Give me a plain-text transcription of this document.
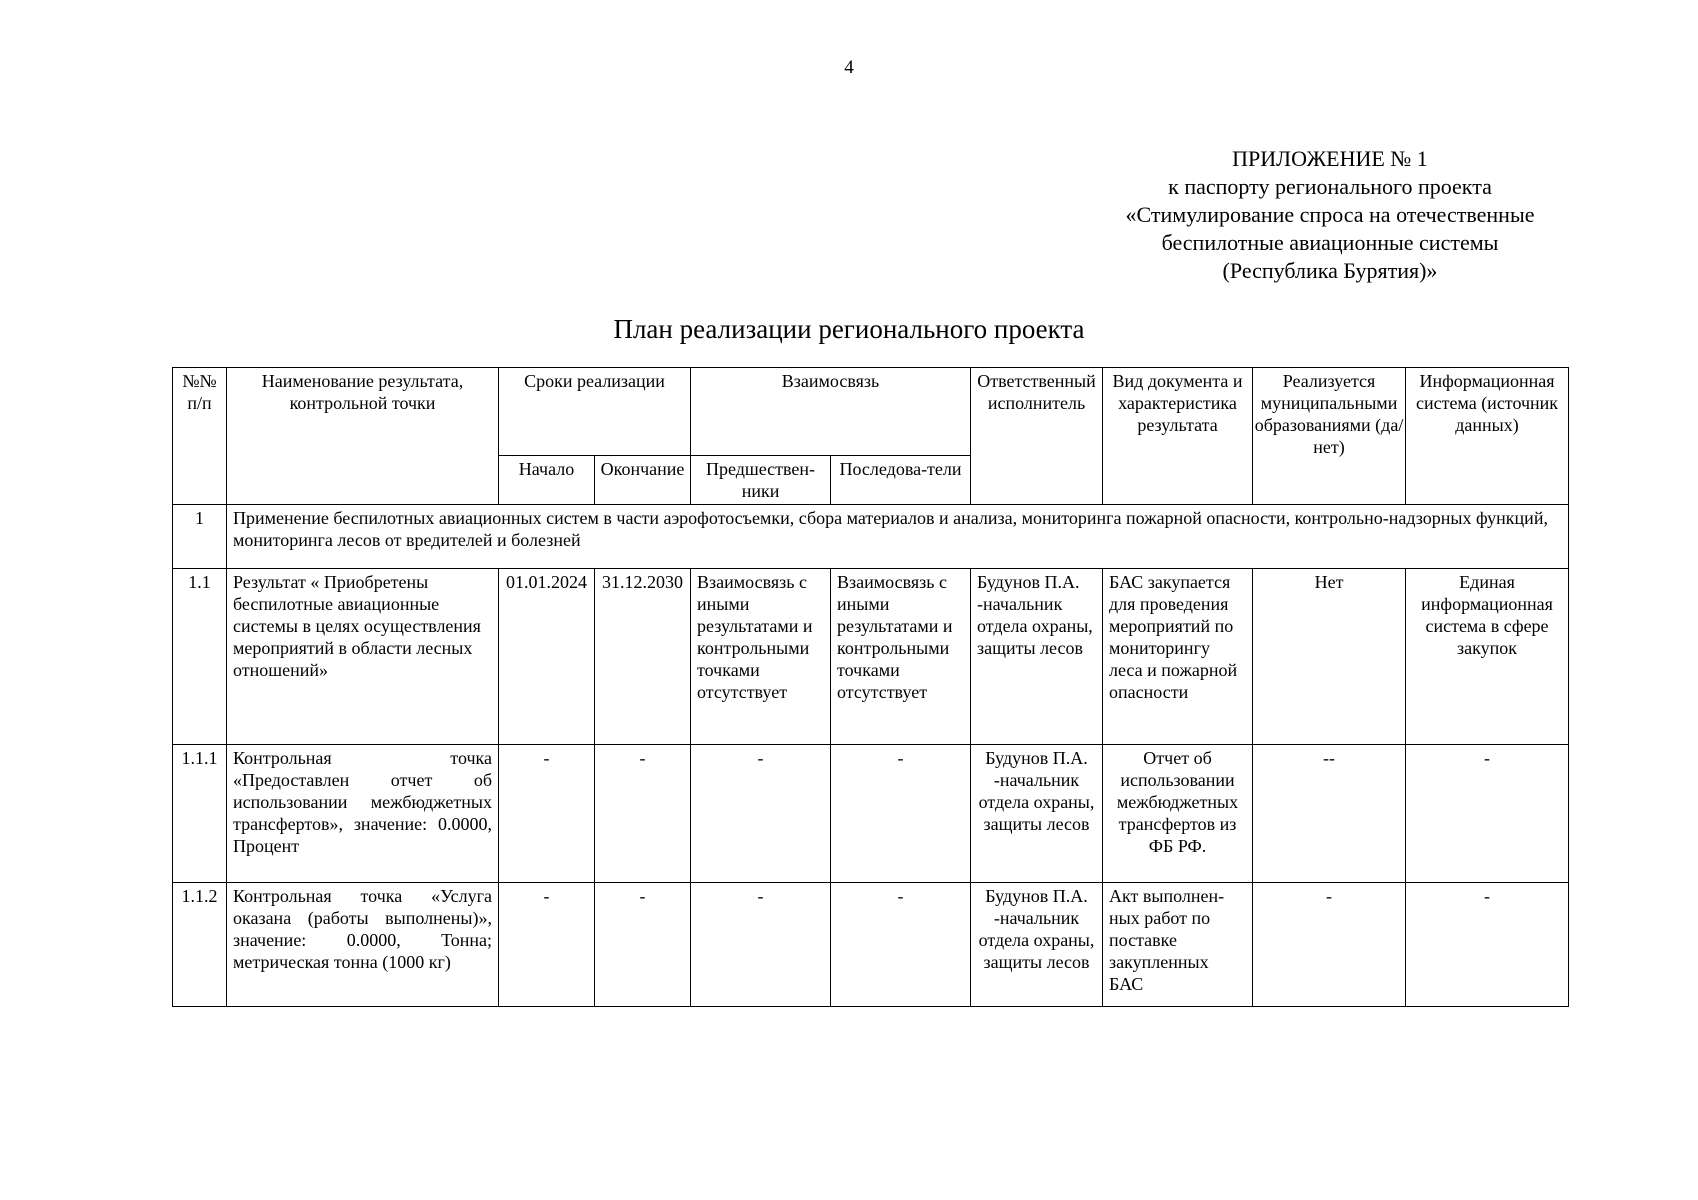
4
ПРИЛОЖЕНИЕ № 1
к паспорту регионального проекта
«Стимулирование спроса на отечественные
беспилотные авиационные системы
(Республика Бурятия)»
План реализации регионального проекта
№№ п/п	Наименование результата, контрольной точки	Сроки реализации		Взаимосвязь		Ответственный исполнитель	Вид документа и характеристика результата	Реализуется муниципальными образованиями (да/нет)	Информационная система (источник данных)
		Начало	Окончание	Предшествен-ники	Последова-тели				
1	Применение беспилотных авиационных систем в части аэрофотосъемки, сбора материалов и анализа, мониторинга пожарной опасности, контрольно-надзорных функций, мониторинга лесов от вредителей и болезней								
1.1	Результат « Приобретены беспилотные авиационные системы в целях осуществления мероприятий в области лесных отношений»	01.01.2024	31.12.2030	Взаимосвязь с иными результатами и контрольными точками отсутствует	Взаимосвязь с иными результатами и контрольными точками отсутствует	Будунов П.А. -начальник отдела охраны, защиты лесов	БАС закупается для проведения мероприятий по мониторингу леса и пожарной опасности	Нет	Единая информационная система в сфере закупок
1.1.1	Контрольная точка «Предоставлен отчет об использовании межбюджетных трансфертов», значение: 0.0000, Процент	-	-	-	-	Будунов П.А. -начальник отдела охраны, защиты лесов	Отчет об использовании межбюджетных трансфертов из ФБ РФ.	--	-
1.1.2	Контрольная точка «Услуга оказана (работы выполнены)», значение: 0.0000, Тонна; метрическая тонна (1000 кг)	-	-	-	-	Будунов П.А. -начальник отдела охраны, защиты лесов	Акт выполнен-ных работ по поставке закупленных БАС	-	-
